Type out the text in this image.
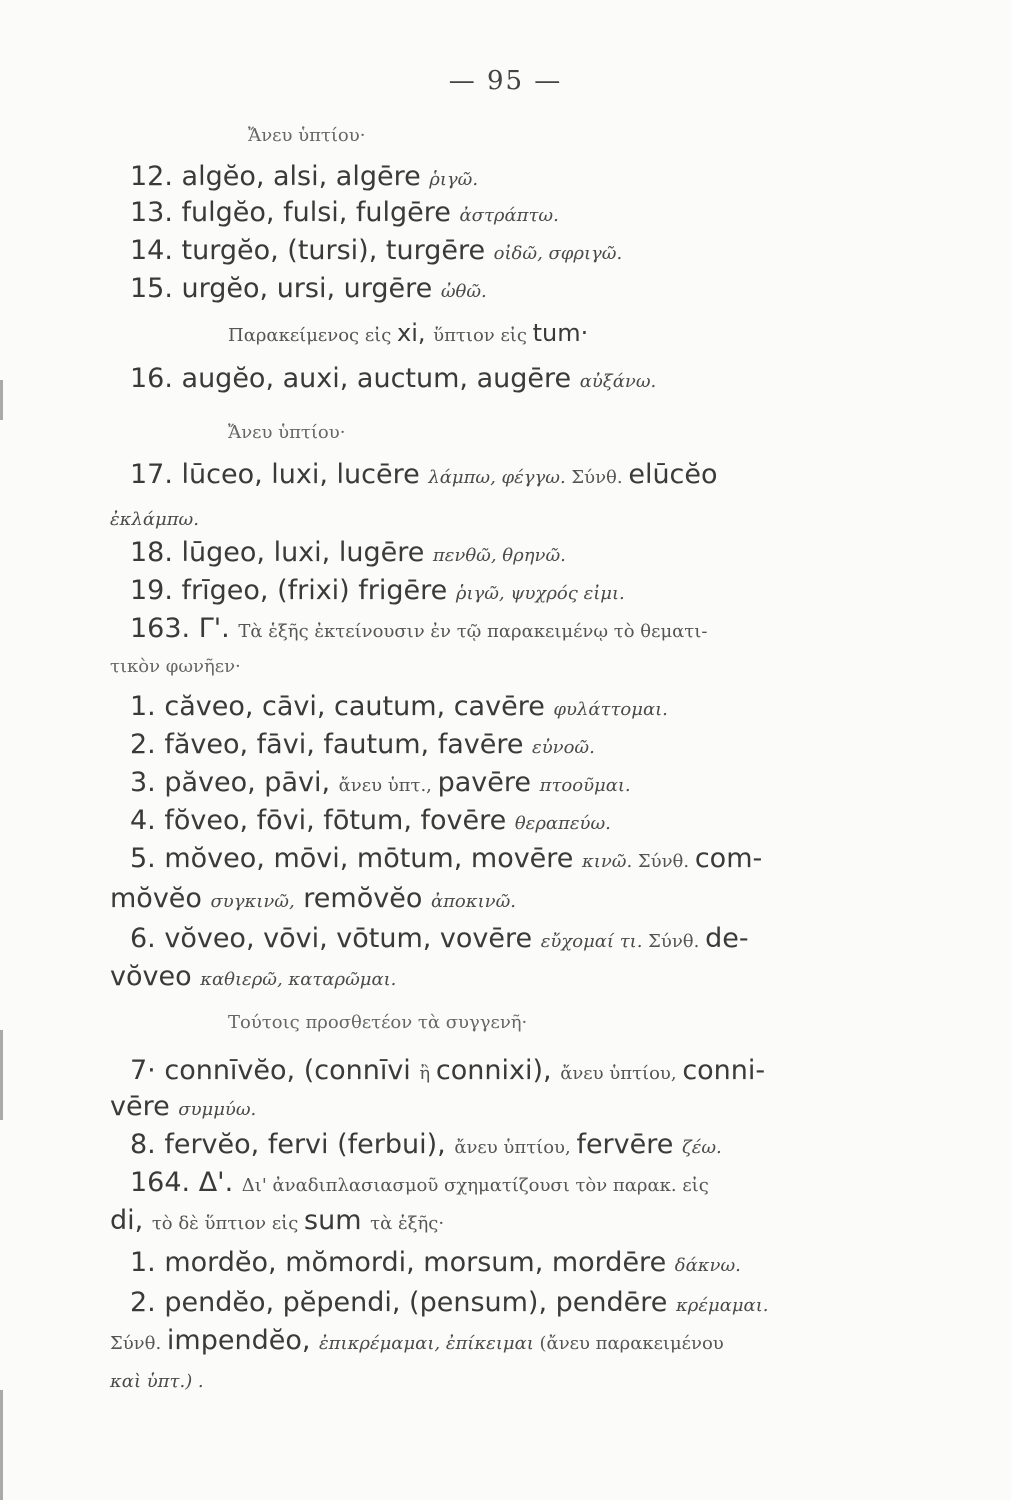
— 95 —
Ἄνευ ὑπτίου·
12. algĕo, alsi, algēre ῥιγῶ.
13. fulgĕo, fulsi, fulgēre ἀστράπτω.
14. turgĕo, (tursi), turgēre οἰδῶ, σφριγῶ.
15. urgĕo, ursi, urgēre ὠθῶ.
Παρακείμενος εἰς xi, ὕπτιον εἰς tum·
16. augĕo, auxi, auctum, augēre αὐξάνω.
Ἄνευ ὑπτίου·
17. lūceo, luxi, lucēre λάμπω, φέγγω. Σύνθ. elūcĕo
ἐκλάμπω.
18. lūgeo, luxi, lugēre πενθῶ, θρηνῶ.
19. frīgeo, (frixi) frigēre ῥιγῶ, ψυχρός εἰμι.
163. Γ'. Τὰ ἑξῆς ἐκτείνουσιν ἐν τῷ παρακειμένῳ τὸ θεματι-
τικὸν φωνῆεν·
1. căveo, cāvi, cautum, cavēre φυλάττομαι.
2. făveo, fāvi, fautum, favēre εὐνοῶ.
3. păveo, pāvi, ἄνευ ὑπτ., pavēre πτοοῦμαι.
4. fŏveo, fōvi, fōtum, fovēre θεραπεύω.
5. mŏveo, mōvi, mōtum, movēre κινῶ. Σύνθ. com-
mŏvĕo συγκινῶ, remŏvĕo ἀποκινῶ.
6. vŏveo, vōvi, vōtum, vovēre εὔχομαί τι. Σύνθ. de-
vŏveo καθιερῶ, καταρῶμαι.
Τούτοις προσθετέον τὰ συγγενῆ·
7· connīvĕo, (connīvi ἢ connixi), ἄνευ ὑπτίου, conni-
vēre συμμύω.
8. fervĕo, fervi (ferbui), ἄνευ ὑπτίου, fervēre ζέω.
164. Δ'. Δι' ἀναδιπλασιασμοῦ σχηματίζουσι τὸν παρακ. εἰς
di, τὸ δὲ ὕπτιον εἰς sum τὰ ἑξῆς·
1. mordĕo, mŏmordi, morsum, mordēre δάκνω.
2. pendĕo, pĕpendi, (pensum), pendēre κρέμαμαι.
Σύνθ. impendĕo, ἐπικρέμαμαι, ἐπίκειμαι (ἄνευ παρακειμένου
καὶ ὑπτ.) .
